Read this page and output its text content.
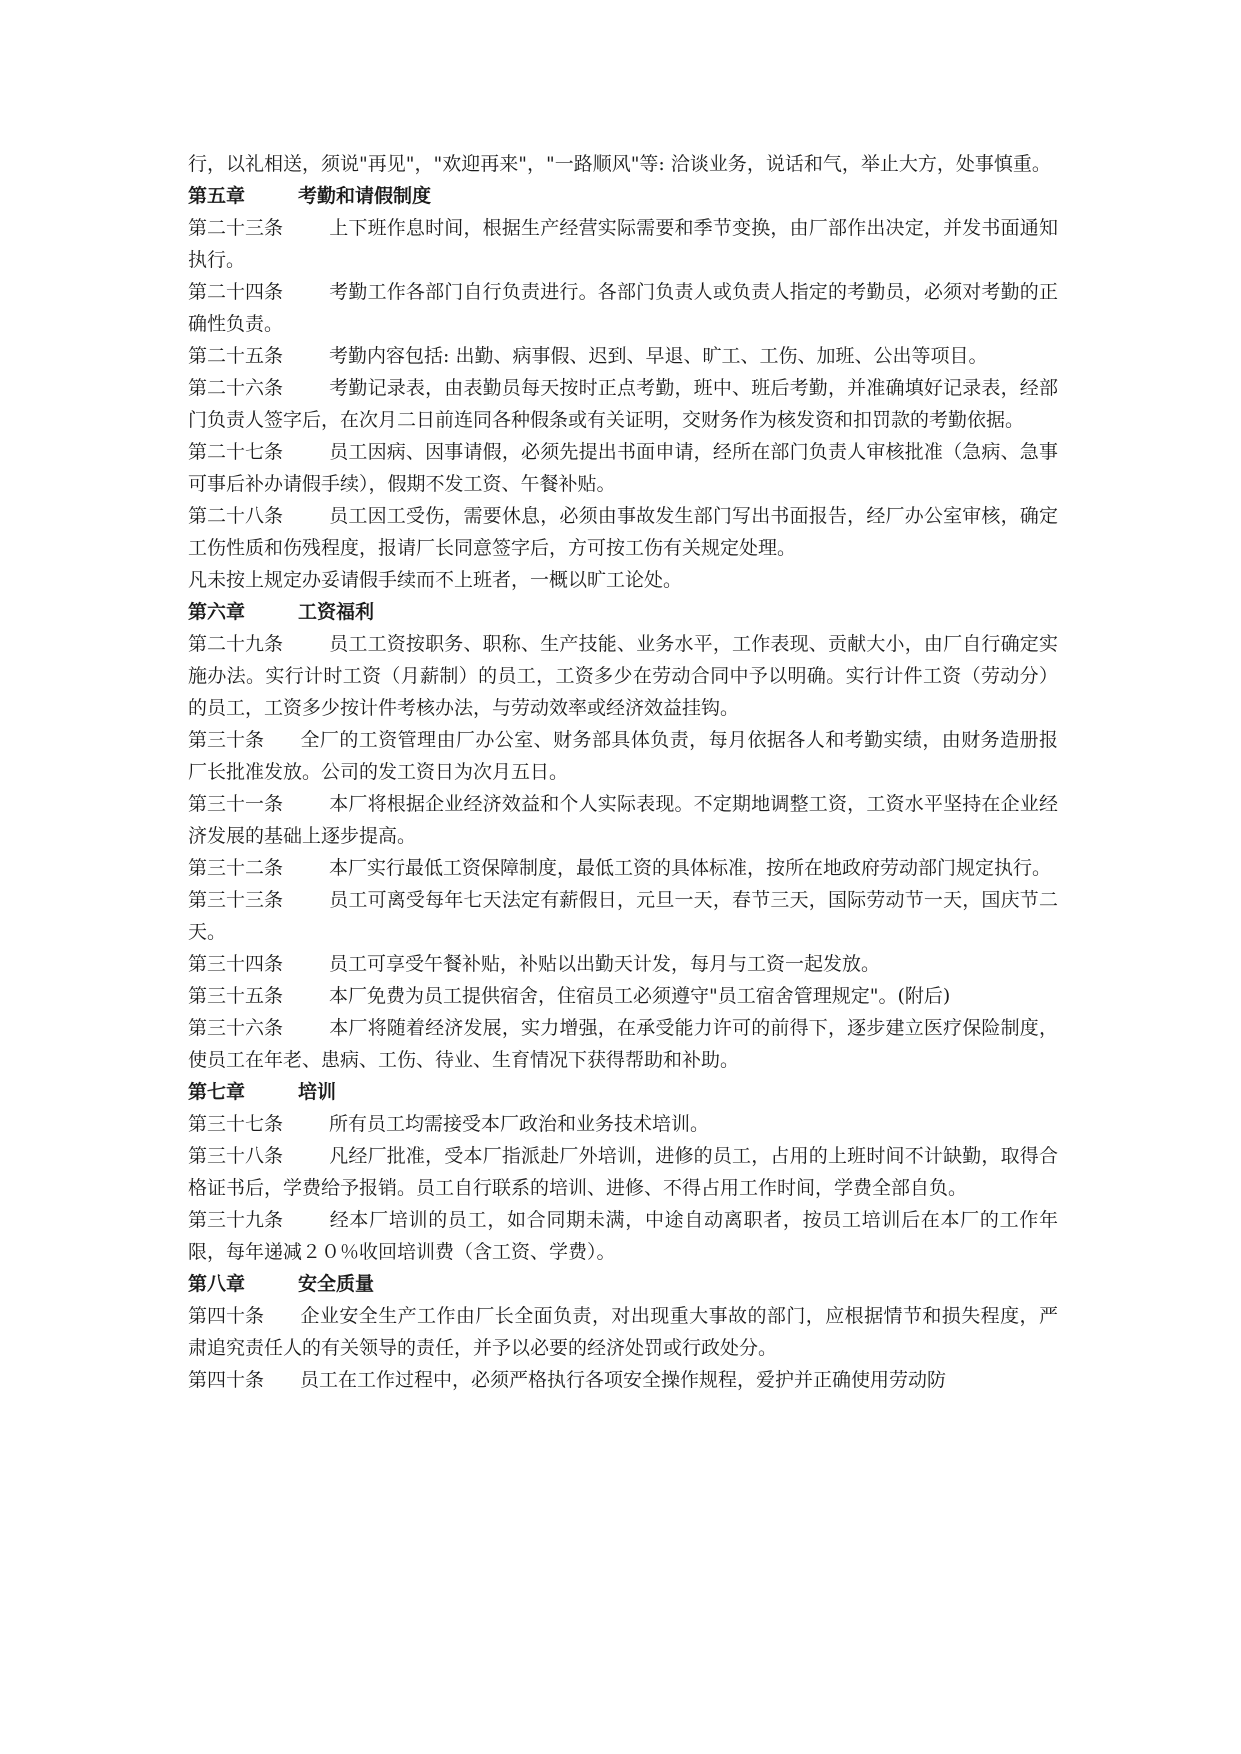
行，以礼相送，须说"再见"，"欢迎再来"，"一路顺风"等: 洽谈业务，说话和气，举止大方，处事慎重。

第五章	考勤和请假制度

第二十三条 上下班作息时间，根据生产经营实际需要和季节变换，由厂部作出决定，并发书面通知执行。

第二十四条 考勤工作各部门自行负责进行。各部门负责人或负责人指定的考勤员，必须对考勤的正确性负责。

第二十五条 考勤内容包括: 出勤、病事假、迟到、早退、旷工、工伤、加班、公出等项目。

第二十六条 考勤记录表，由表勤员每天按时正点考勤，班中、班后考勤，并准确填好记录表，经部门负责人签字后，在次月二日前连同各种假条或有关证明，交财务作为核发资和扣罚款的考勤依据。

第二十七条 员工因病、因事请假，必须先提出书面申请，经所在部门负责人审核批准（急病、急事可事后补办请假手续），假期不发工资、午餐补贴。

第二十八条 员工因工受伤，需要休息，必须由事故发生部门写出书面报告，经厂办公室审核，确定工伤性质和伤残程度，报请厂长同意签字后，方可按工伤有关规定处理。

凡未按上规定办妥请假手续而不上班者，一概以旷工论处。

第六章	工资福利

第二十九条 员工工资按职务、职称、生产技能、业务水平，工作表现、贡献大小，由厂自行确定实施办法。实行计时工资（月薪制）的员工，工资多少在劳动合同中予以明确。实行计件工资（劳动分）的员工，工资多少按计件考核办法，与劳动效率或经济效益挂钩。

第三十条 全厂的工资管理由厂办公室、财务部具体负责，每月依据各人和考勤实绩，由财务造册报厂长批准发放。公司的发工资日为次月五日。

第三十一条 本厂将根据企业经济效益和个人实际表现。不定期地调整工资，工资水平坚持在企业经济发展的基础上逐步提高。

第三十二条 本厂实行最低工资保障制度，最低工资的具体标准，按所在地政府劳动部门规定执行。

第三十三条 员工可离受每年七天法定有薪假日，元旦一天，春节三天，国际劳动节一天，国庆节二天。

第三十四条 员工可享受午餐补贴，补贴以出勤天计发，每月与工资一起发放。

第三十五条 本厂免费为员工提供宿舍，住宿员工必须遵守"员工宿舍管理规定"。(附后)

第三十六条 本厂将随着经济发展，实力增强，在承受能力许可的前得下，逐步建立医疗保险制度，使员工在年老、患病、工伤、待业、生育情况下获得帮助和补助。

第七章	培训

第三十七条 所有员工均需接受本厂政治和业务技术培训。

第三十八条 凡经厂批准，受本厂指派赴厂外培训，进修的员工，占用的上班时间不计缺勤，取得合格证书后，学费给予报销。员工自行联系的培训、进修、不得占用工作时间，学费全部自负。

第三十九条 经本厂培训的员工，如合同期未满，中途自动离职者，按员工培训后在本厂的工作年限，每年递减２０％收回培训费（含工资、学费）。

第八章	安全质量

第四十条 企业安全生产工作由厂长全面负责，对出现重大事故的部门，应根据情节和损失程度，严肃追究责任人的有关领导的责任，并予以必要的经济处罚或行政处分。

第四十条 员工在工作过程中，必须严格执行各项安全操作规程，爱护并正确使用劳动防
